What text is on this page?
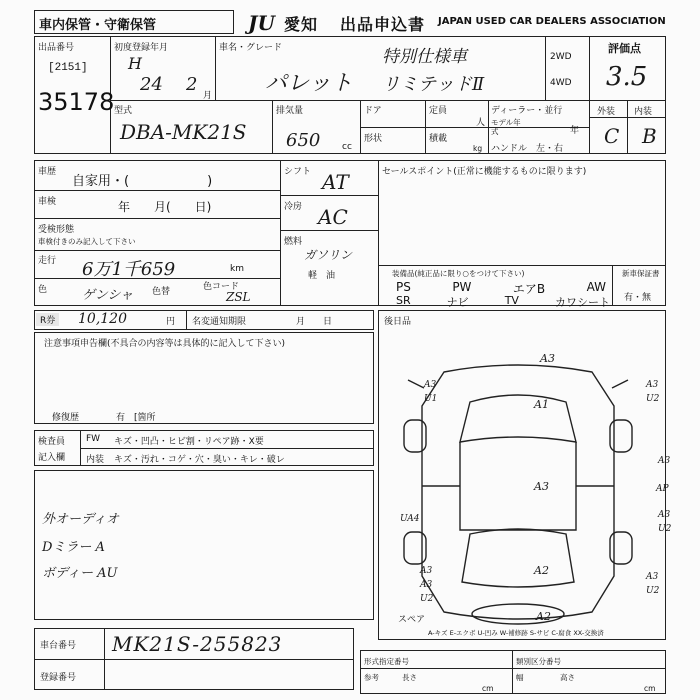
車内保管・守衛保管	JU 愛知 出品申込書 JAPAN USED CAR DEALERS ASSOCIATION
出品番号
[2151]
35178
初度登録年月
H
24 2
月
車名・グレード
パレット
特別仕様車
リミテッドⅡ
2WD
4WD
評価点
3.5
外装 内装
C B
型式
DBA-MK21S
排気量
650 cc
ドア
形状
定員
人
積載
kg
ディーラー・並行
モデル年式	年
ハンドル　左・右
車歴
自家用・(　　　　　　)
車検	年　　月(　　日)
受検形態
車検付きのみ記入して下さい
走行 6万1千659	km
色	ゲンシャ 色替	色コード
ZSL
シフト AT
冷房 AC
燃料
ガソリン
軽　油
セールスポイント(正常に機能するものに限ります)
装備品(純正品に限り○をつけて下さい)
PS	PW	エアB	AW
SR	ナビ	TV	カワシート
新車保証書
有・無
R券 10,120	円 名変通知期限	月　　日	後日品
注意事項申告欄(不具合の内容等は具体的に記入して下さい)
修復歴	有　[箇所
検査員
記入欄
FW キズ・凹凸・ヒビ割・リペア跡・X要
内装 キズ・汚れ・コゲ・穴・臭い・キレ・破レ
外オーディオ
Dミラー A
ボディー AU
A3
A3
U1
A3
U2
A1
A3
AP
A3
UA4	A3
U2
A3	A2	A3
U2
A3
U2
A2
スペア
A-キズ E-エクボ U-凹み W-補修跡 S-サビ C-腐食 XX-交換済
車台番号 MK21S-255823
登録番号
形式指定番号	類別区分番号
参考	長さ	幅	高さ
cm	cm
